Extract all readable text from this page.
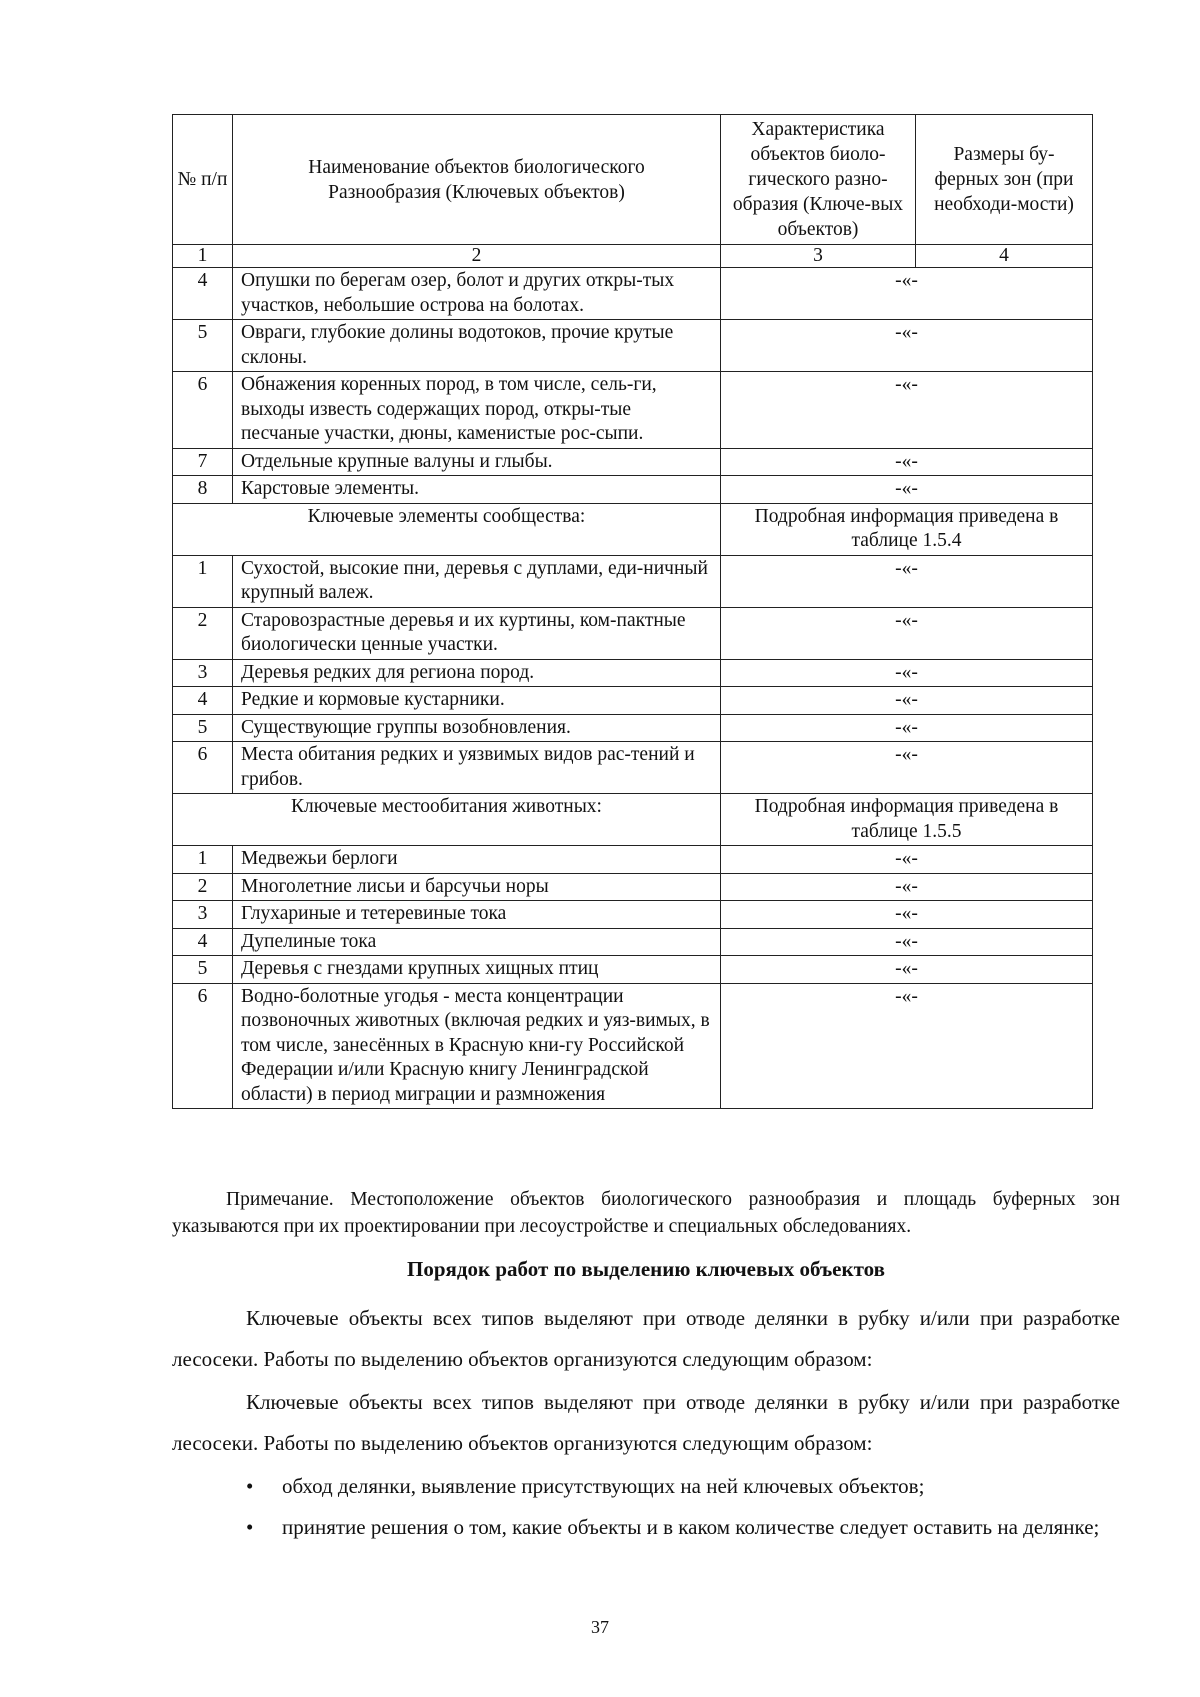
№ п/п	Наименование объектов биологического Разнообразия (Ключевых объектов)	Характеристика объектов биоло-гического разно-образия (Ключе-вых объектов)	Размеры бу-ферных зон (при необходи-мости)
1	2	3	4
4	Опушки по берегам озер, болот и других откры-тых участков, небольшие острова на болотах.	-«-	
5	Овраги, глубокие долины водотоков, прочие крутые склоны.	-«-	
6	Обнажения коренных пород, в том числе, сель-ги, выходы известь содержащих пород, откры-тые песчаные участки, дюны, каменистые рос-сыпи.	-«-	
7	Отдельные крупные валуны и глыбы.	-«-	
8	Карстовые элементы.	-«-	
Ключевые элементы сообщества:		Подробная информация приведена в таблице 1.5.4	
1	Сухостой, высокие пни, деревья с дуплами, еди-ничный крупный валеж.	-«-	
2	Старовозрастные деревья и их куртины, ком-пактные биологически ценные участки.	-«-	
3	Деревья редких для региона пород.	-«-	
4	Редкие и кормовые кустарники.	-«-	
5	Существующие группы возобновления.	-«-	
6	Места обитания редких и уязвимых видов рас-тений и грибов.	-«-	
Ключевые местообитания животных:		Подробная информация приведена в таблице 1.5.5	
1	Медвежьи берлоги	-«-	
2	Многолетние лисьи и барсучьи норы	-«-	
3	Глухариные и тетеревиные тока	-«-	
4	Дупелиные тока	-«-	
5	Деревья с гнездами крупных хищных птиц	-«-	
6	Водно-болотные угодья - места концентрации позвоночных животных (включая редких и уяз-вимых, в том числе, занесённых в Красную кни-гу Российской Федерации и/или Красную книгу Ленинградской области) в период миграции и размножения	-«-	

Примечание. Местоположение объектов биологического разнообразия и площадь буферных зон указываются при их проектировании при лесоустройстве и специальных обследованиях.

Порядок работ по выделению ключевых объектов

Ключевые объекты всех типов выделяют при отводе делянки в рубку и/или при разработке лесосеки. Работы по выделению объектов организуются следующим образом:

Ключевые объекты всех типов выделяют при отводе делянки в рубку и/или при разработке лесосеки. Работы по выделению объектов организуются следующим образом:

• обход делянки, выявление присутствующих на ней ключевых объектов;
• принятие решения о том, какие объекты и в каком количестве следует оставить на делянке;

37
